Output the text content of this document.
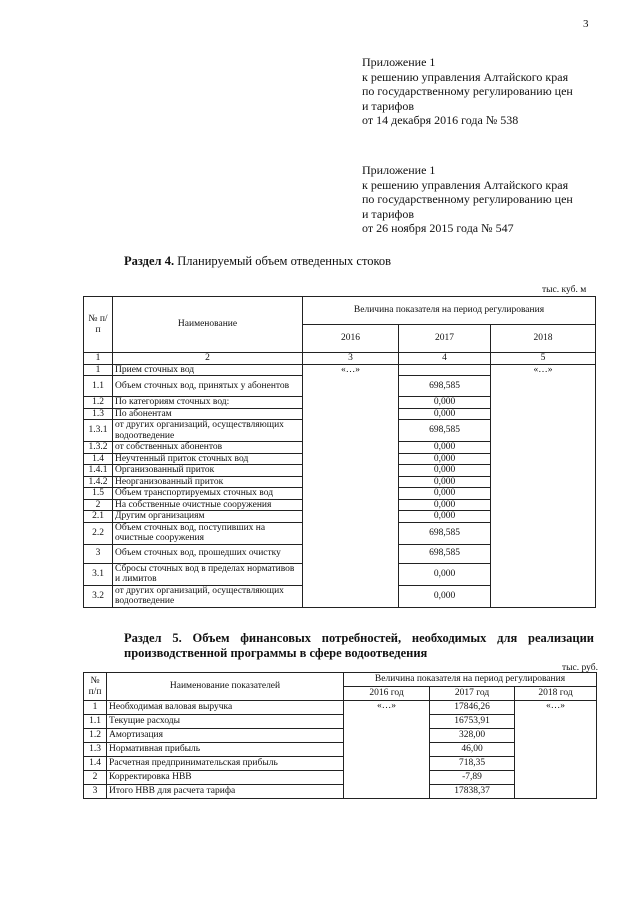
3
Приложение 1
к решению управления Алтайского края
по государственному регулированию цен
и тарифов
от 14 декабря 2016 года № 538
Приложение 1
к решению управления Алтайского края
по государственному регулированию цен
и тарифов
от 26 ноября 2015 года № 547
Раздел 4. Планируемый объем отведенных стоков
тыс. куб. м
№ п/п	Наименование	Величина показателя на период регулирования		
		2016	2017	2018
1	2	3	4	5
1	Прием сточных вод	«…»		«…»
1.1	Объем сточных вод, принятых у абонентов		698,585	
1.2	По категориям сточных вод:		0,000	
1.3	По абонентам		0,000	
1.3.1	от других организаций, осуществляющих водоотведение		698,585	
1.3.2	от собственных абонентов		0,000	
1.4	Неучтенный приток сточных вод		0,000	
1.4.1	Организованный приток		0,000	
1.4.2	Неорганизованный приток		0,000	
1.5	Объем транспортируемых сточных вод		0,000	
2	На собственные очистные сооружения		0,000	
2.1	Другим организациям		0,000	
2.2	Объем сточных вод, поступивших на очистные сооружения		698,585	
3	Объем сточных вод, прошедших очистку		698,585	
3.1	Сбросы сточных вод в пределах нормативов и лимитов		0,000	
3.2	от других организаций, осуществляющих водоотведение		0,000	
Раздел 5. Объем финансовых потребностей, необходимых для реализации производственной программы в сфере водоотведения
тыс. руб.
№ п/п	Наименование показателей	Величина показателя на период регулирования		
		2016 год	2017 год	2018 год
1	Необходимая валовая выручка	«…»	17846,26	«…»
1.1	Текущие расходы		16753,91	
1.2	Амортизация		328,00	
1.3	Нормативная прибыль		46,00	
1.4	Расчетная предпринимательская прибыль		718,35	
2	Корректировка НВВ		-7,89	
3	Итого НВВ для расчета тарифа		17838,37	
